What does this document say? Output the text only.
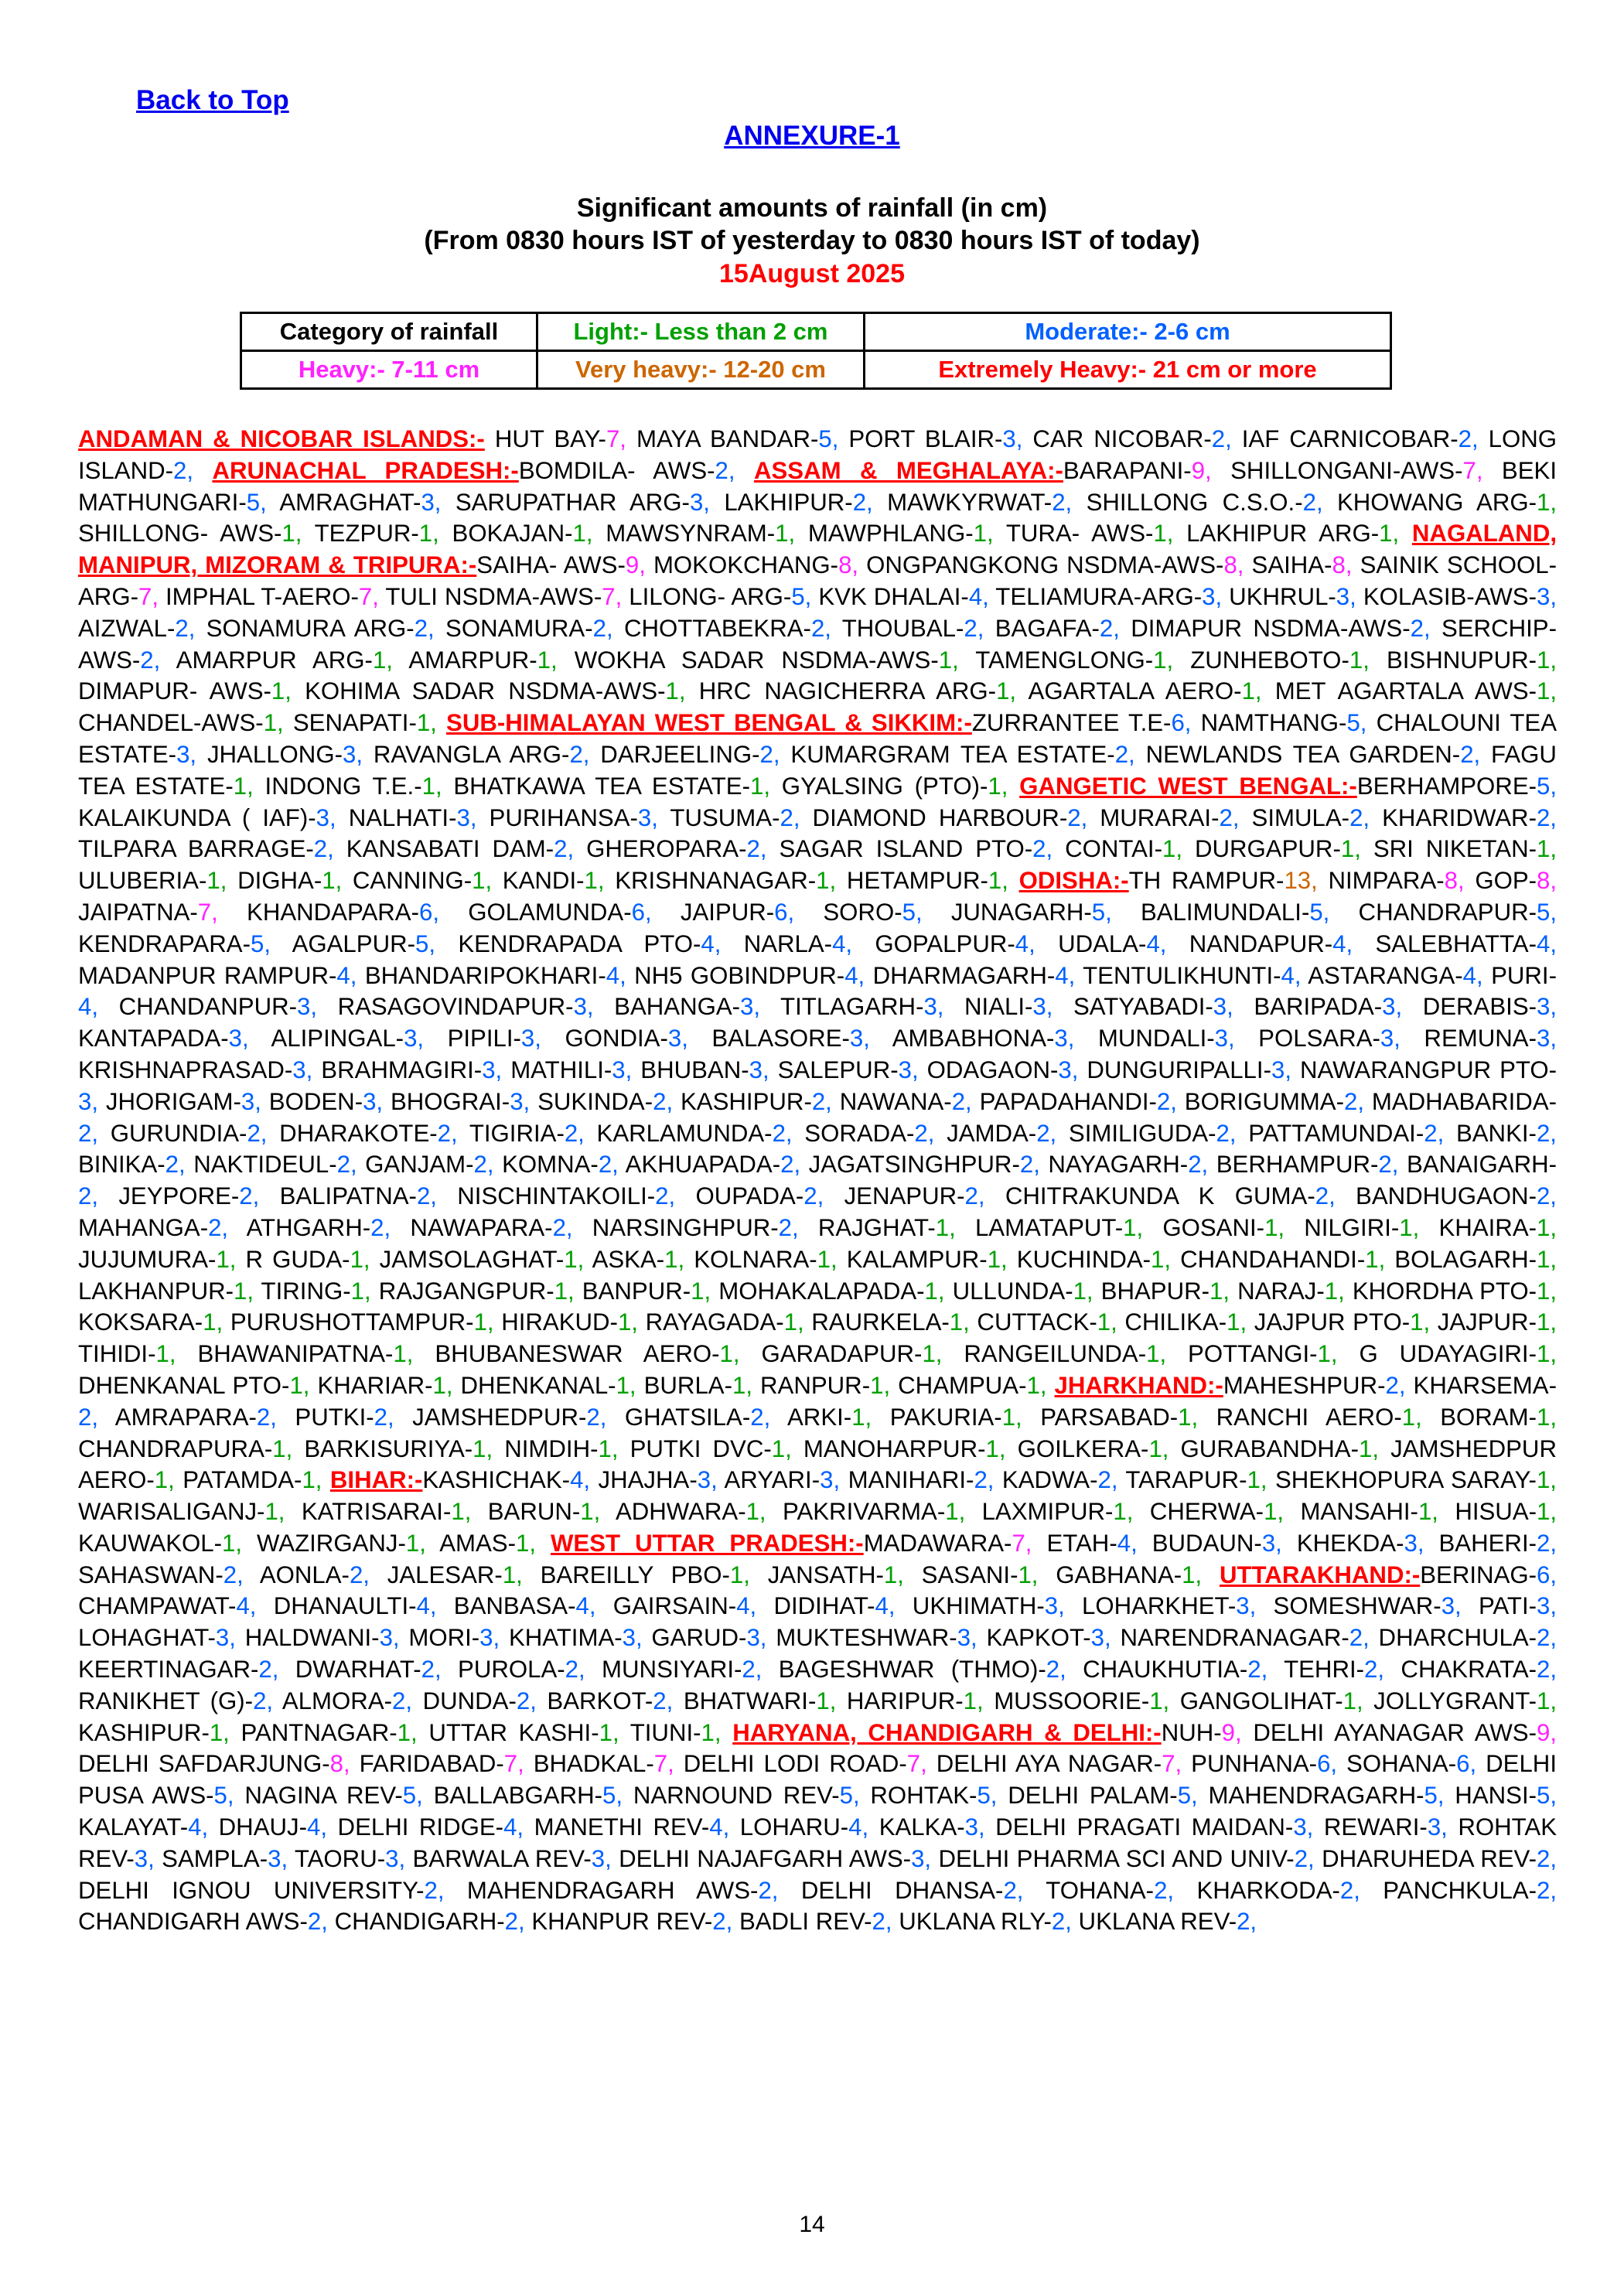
Back to Top
ANNEXURE-1
Significant amounts of rainfall (in cm)
(From 0830 hours IST of yesterday to 0830 hours IST of today)
15August 2025
Category of rainfall	Light:- Less than 2 cm	Moderate:- 2-6 cm
Heavy:- 7-11 cm	Very heavy:- 12-20 cm	Extremely Heavy:- 21 cm or more
ANDAMAN & NICOBAR ISLANDS:- HUT BAY-7, MAYA BANDAR-5, PORT BLAIR-3, CAR NICOBAR-2, IAF CARNICOBAR-2, LONG ISLAND-2, ARUNACHAL PRADESH:-BOMDILA- AWS-2, ASSAM & MEGHALAYA:-BARAPANI-9, SHILLONGANI-AWS-7, BEKI MATHUNGARI-5, AMRAGHAT-3, SARUPATHAR ARG-3, LAKHIPUR-2, MAWKYRWAT-2, SHILLONG C.S.O.-2, KHOWANG ARG-1, SHILLONG- AWS-1, TEZPUR-1, BOKAJAN-1, MAWSYNRAM-1, MAWPHLANG-1, TURA- AWS-1, LAKHIPUR ARG-1, NAGALAND, MANIPUR, MIZORAM & TRIPURA:-SAIHA- AWS-9, MOKOKCHANG-8, ONGPANGKONG NSDMA-AWS-8, SAIHA-8, SAINIK SCHOOL-ARG-7, IMPHAL T-AERO-7, TULI NSDMA-AWS-7, LILONG- ARG-5, KVK DHALAI-4, TELIAMURA-ARG-3, UKHRUL-3, KOLASIB-AWS-3, AIZWAL-2, SONAMURA ARG-2, SONAMURA-2, CHOTTABEKRA-2, THOUBAL-2, BAGAFA-2, DIMAPUR NSDMA-AWS-2, SERCHIP- AWS-2, AMARPUR ARG-1, AMARPUR-1, WOKHA SADAR NSDMA-AWS-1, TAMENGLONG-1, ZUNHEBOTO-1, BISHNUPUR-1, DIMAPUR- AWS-1, KOHIMA SADAR NSDMA-AWS-1, HRC NAGICHERRA ARG-1, AGARTALA AERO-1, MET AGARTALA AWS-1, CHANDEL-AWS-1, SENAPATI-1, SUB-HIMALAYAN WEST BENGAL & SIKKIM:-ZURRANTEE T.E-6, NAMTHANG-5, CHALOUNI TEA ESTATE-3, JHALLONG-3, RAVANGLA ARG-2, DARJEELING-2, KUMARGRAM TEA ESTATE-2, NEWLANDS TEA GARDEN-2, FAGU TEA ESTATE-1, INDONG T.E.-1, BHATKAWA TEA ESTATE-1, GYALSING (PTO)-1, GANGETIC WEST BENGAL:-BERHAMPORE-5, KALAIKUNDA ( IAF)-3, NALHATI-3, PURIHANSA-3, TUSUMA-2, DIAMOND HARBOUR-2, MURARAI-2, SIMULA-2, KHARIDWAR-2, TILPARA BARRAGE-2, KANSABATI DAM-2, GHEROPARA-2, SAGAR ISLAND PTO-2, CONTAI-1, DURGAPUR-1, SRI NIKETAN-1, ULUBERIA-1, DIGHA-1, CANNING-1, KANDI-1, KRISHNANAGAR-1, HETAMPUR-1, ODISHA:-TH RAMPUR-13, NIMPARA-8, GOP-8, JAIPATNA-7, KHANDAPARA-6, GOLAMUNDA-6, JAIPUR-6, SORO-5, JUNAGARH-5, BALIMUNDALI-5, CHANDRAPUR-5, KENDRAPARA-5, AGALPUR-5, KENDRAPADA PTO-4, NARLA-4, GOPALPUR-4, UDALA-4, NANDAPUR-4, SALEBHATTA-4, MADANPUR RAMPUR-4, BHANDARIPOKHARI-4, NH5 GOBINDPUR-4, DHARMAGARH-4, TENTULIKHUNTI-4, ASTARANGA-4, PURI-4, CHANDANPUR-3, RASAGOVINDAPUR-3, BAHANGA-3, TITLAGARH-3, NIALI-3, SATYABADI-3, BARIPADA-3, DERABIS-3, KANTAPADA-3, ALIPINGAL-3, PIPILI-3, GONDIA-3, BALASORE-3, AMBABHONA-3, MUNDALI-3, POLSARA-3, REMUNA-3, KRISHNAPRASAD-3, BRAHMAGIRI-3, MATHILI-3, BHUBAN-3, SALEPUR-3, ODAGAON-3, DUNGURIPALLI-3, NAWARANGPUR PTO-3, JHORIGAM-3, BODEN-3, BHOGRAI-3, SUKINDA-2, KASHIPUR-2, NAWANA-2, PAPADAHANDI-2, BORIGUMMA-2, MADHABARIDA-2, GURUNDIA-2, DHARAKOTE-2, TIGIRIA-2, KARLAMUNDA-2, SORADA-2, JAMDA-2, SIMILIGUDA-2, PATTAMUNDAI-2, BANKI-2, BINIKA-2, NAKTIDEUL-2, GANJAM-2, KOMNA-2, AKHUAPADA-2, JAGATSINGHPUR-2, NAYAGARH-2, BERHAMPUR-2, BANAIGARH-2, JEYPORE-2, BALIPATNA-2, NISCHINTAKOILI-2, OUPADA-2, JENAPUR-2, CHITRAKUNDA K GUMA-2, BANDHUGAON-2, MAHANGA-2, ATHGARH-2, NAWAPARA-2, NARSINGHPUR-2, RAJGHAT-1, LAMATAPUT-1, GOSANI-1, NILGIRI-1, KHAIRA-1, JUJUMURA-1, R GUDA-1, JAMSOLAGHAT-1, ASKA-1, KOLNARA-1, KALAMPUR-1, KUCHINDA-1, CHANDAHANDI-1, BOLAGARH-1, LAKHANPUR-1, TIRING-1, RAJGANGPUR-1, BANPUR-1, MOHAKALAPADA-1, ULLUNDA-1, BHAPUR-1, NARAJ-1, KHORDHA PTO-1, KOKSARA-1, PURUSHOTTAMPUR-1, HIRAKUD-1, RAYAGADA-1, RAURKELA-1, CUTTACK-1, CHILIKA-1, JAJPUR PTO-1, JAJPUR-1, TIHIDI-1, BHAWANIPATNA-1, BHUBANESWAR AERO-1, GARADAPUR-1, RANGEILUNDA-1, POTTANGI-1, G UDAYAGIRI-1, DHENKANAL PTO-1, KHARIAR-1, DHENKANAL-1, BURLA-1, RANPUR-1, CHAMPUA-1, JHARKHAND:-MAHESHPUR-2, KHARSEMA-2, AMRAPARA-2, PUTKI-2, JAMSHEDPUR-2, GHATSILA-2, ARKI-1, PAKURIA-1, PARSABAD-1, RANCHI AERO-1, BORAM-1, CHANDRAPURA-1, BARKISURIYA-1, NIMDIH-1, PUTKI DVC-1, MANOHARPUR-1, GOILKERA-1, GURABANDHA-1, JAMSHEDPUR AERO-1, PATAMDA-1, BIHAR:-KASHICHAK-4, JHAJHA-3, ARYARI-3, MANIHARI-2, KADWA-2, TARAPUR-1, SHEKHOPURA SARAY-1, WARISALIGANJ-1, KATRISARAI-1, BARUN-1, ADHWARA-1, PAKRIVARMA-1, LAXMIPUR-1, CHERWA-1, MANSAHI-1, HISUA-1, KAUWAKOL-1, WAZIRGANJ-1, AMAS-1, WEST UTTAR PRADESH:-MADAWARA-7, ETAH-4, BUDAUN-3, KHEKDA-3, BAHERI-2, SAHASWAN-2, AONLA-2, JALESAR-1, BAREILLY PBO-1, JANSATH-1, SASANI-1, GABHANA-1, UTTARAKHAND:-BERINAG-6, CHAMPAWAT-4, DHANAULTI-4, BANBASA-4, GAIRSAIN-4, DIDIHAT-4, UKHIMATH-3, LOHARKHET-3, SOMESHWAR-3, PATI-3, LOHAGHAT-3, HALDWANI-3, MORI-3, KHATIMA-3, GARUD-3, MUKTESHWAR-3, KAPKOT-3, NARENDRANAGAR-2, DHARCHULA-2, KEERTINAGAR-2, DWARHAT-2, PUROLA-2, MUNSIYARI-2, BAGESHWAR (THMO)-2, CHAUKHUTIA-2, TEHRI-2, CHAKRATA-2, RANIKHET (G)-2, ALMORA-2, DUNDA-2, BARKOT-2, BHATWARI-1, HARIPUR-1, MUSSOORIE-1, GANGOLIHAT-1, JOLLYGRANT-1, KASHIPUR-1, PANTNAGAR-1, UTTAR KASHI-1, TIUNI-1, HARYANA, CHANDIGARH & DELHI:-NUH-9, DELHI AYANAGAR AWS-9, DELHI SAFDARJUNG-8, FARIDABAD-7, BHADKAL-7, DELHI LODI ROAD-7, DELHI AYA NAGAR-7, PUNHANA-6, SOHANA-6, DELHI PUSA AWS-5, NAGINA REV-5, BALLABGARH-5, NARNOUND REV-5, ROHTAK-5, DELHI PALAM-5, MAHENDRAGARH-5, HANSI-5, KALAYAT-4, DHAUJ-4, DELHI RIDGE-4, MANETHI REV-4, LOHARU-4, KALKA-3, DELHI PRAGATI MAIDAN-3, REWARI-3, ROHTAK REV-3, SAMPLA-3, TAORU-3, BARWALA REV-3, DELHI NAJAFGARH AWS-3, DELHI PHARMA SCI AND UNIV-2, DHARUHEDA REV-2, DELHI IGNOU UNIVERSITY-2, MAHENDRAGARH AWS-2, DELHI DHANSA-2, TOHANA-2, KHARKODA-2, PANCHKULA-2, CHANDIGARH AWS-2, CHANDIGARH-2, KHANPUR REV-2, BADLI REV-2, UKLANA RLY-2, UKLANA REV-2,
14
